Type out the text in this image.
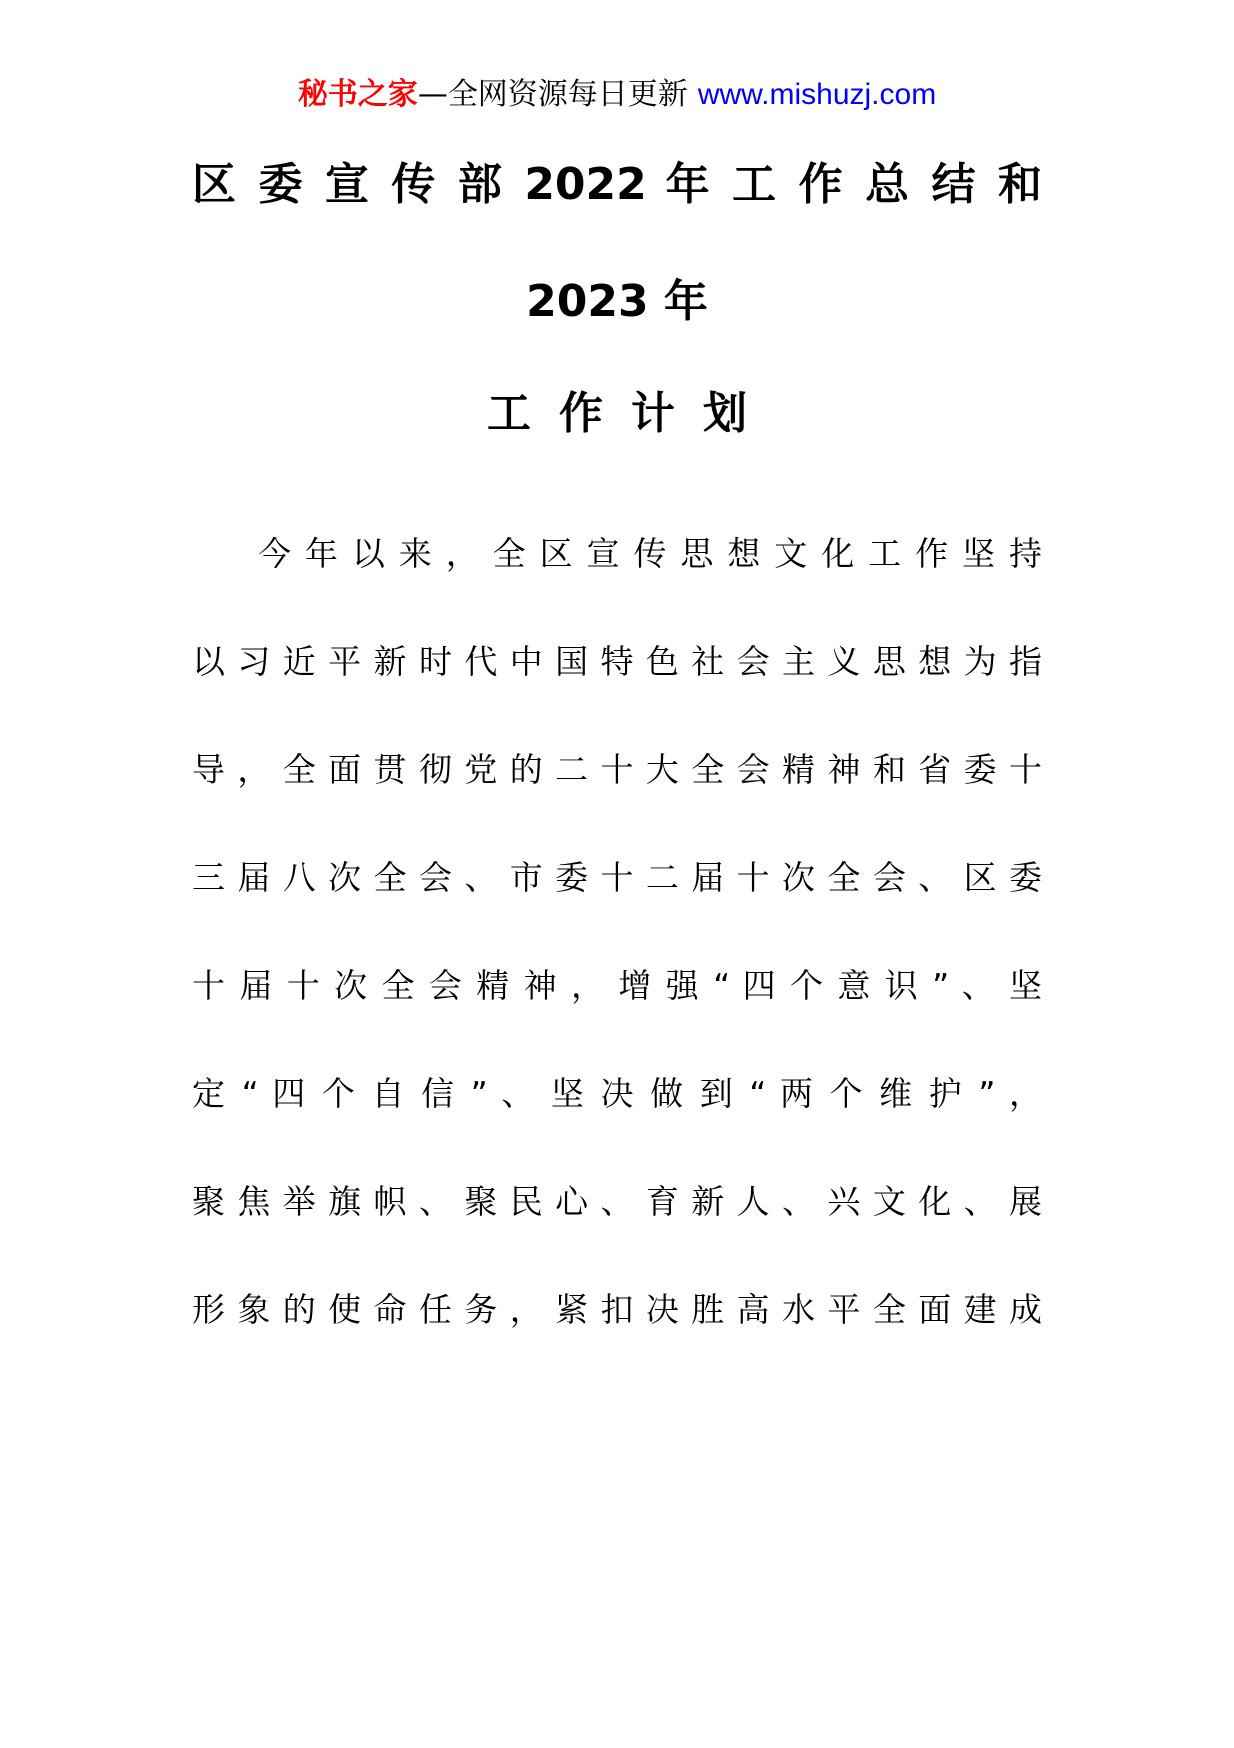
秘书之家—全网资源每日更新 www.mishuzj.com
区 委 宣 传 部 2022 年 工 作 总 结 和
2023 年
工作计划
今 年 以 来 ， 全 区 宣 传 思 想 文 化 工 作 坚 持
以 习 近 平 新 时 代 中 国 特 色 社 会 主 义 思 想 为 指
导 ， 全 面 贯 彻 党 的 二 十 大 全 会 精 神 和 省 委 十
三 届 八 次 全 会 、 市 委 十 二 届 十 次 全 会 、 区 委
十 届 十 次 全 会 精 神 ， 增 强 “ 四 个 意 识 ” 、 坚
定 “ 四 个 自 信 ” 、 坚 决 做 到 “ 两 个 维 护 ” ，
聚 焦 举 旗 帜 、 聚 民 心 、 育 新 人 、 兴 文 化 、 展
形 象 的 使 命 任 务 ， 紧 扣 决 胜 高 水 平 全 面 建 成
